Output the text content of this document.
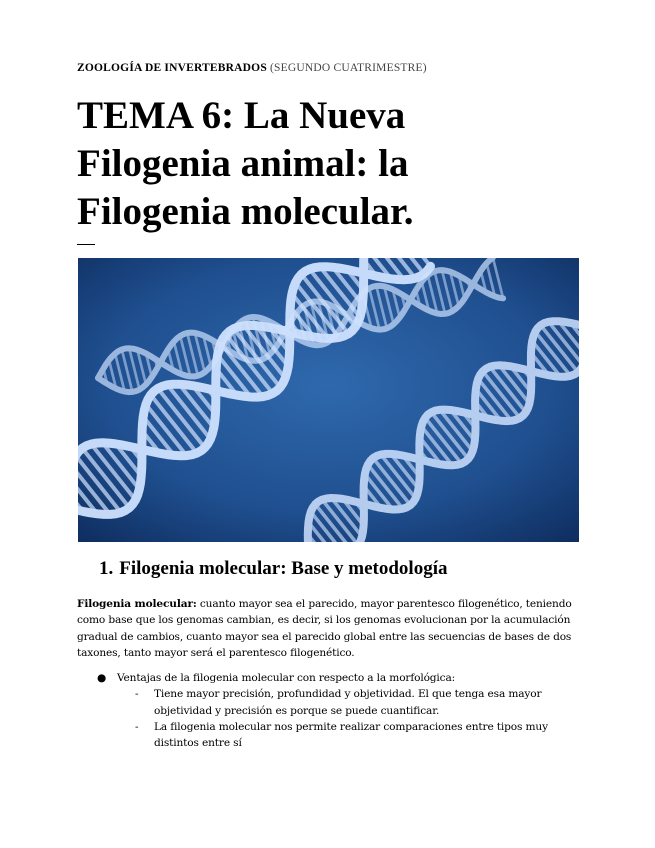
ZOOLOGÍA DE INVERTEBRADOS (SEGUNDO CUATRIMESTRE)
TEMA 6: La Nueva
Filogenia animal: la
Filogenia molecular.
1. Filogenia molecular: Base y metodología

Filogenia molecular: cuanto mayor sea el parecido, mayor parentesco filogenético, teniendo como base que los genomas cambian, es decir, si los genomas evolucionan por la acumulación gradual de cambios, cuanto mayor sea el parecido global entre las secuencias de bases de dos taxones, tanto mayor será el parentesco filogenético.

● Ventajas de la filogenia molecular con respecto a la morfológica:
- Tiene mayor precisión, profundidad y objetividad. El que tenga esa mayor objetividad y precisión es porque se puede cuantificar.
- La filogenia molecular nos permite realizar comparaciones entre tipos muy distintos entre sí
